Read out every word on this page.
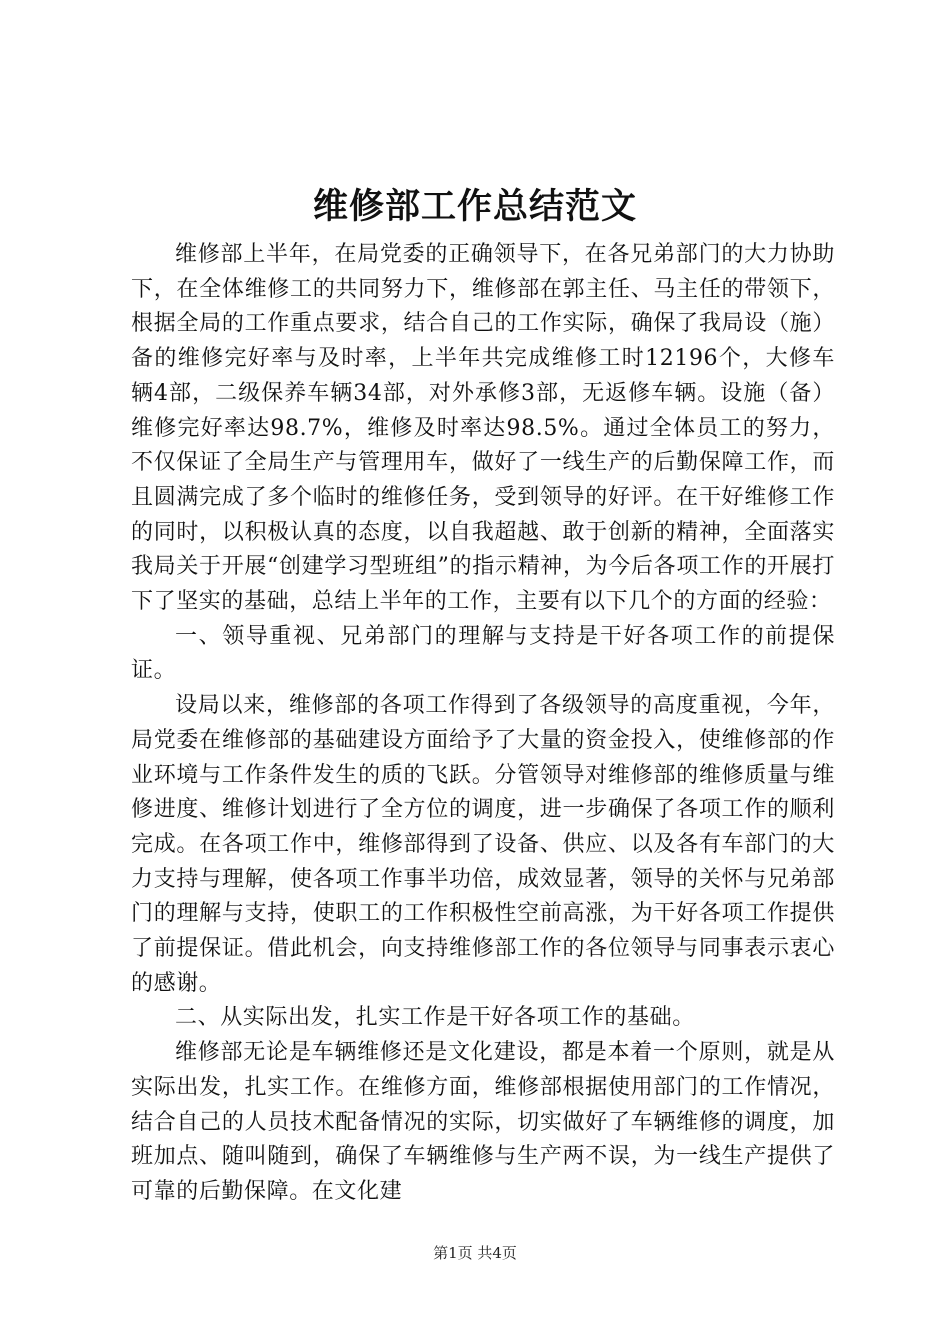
维修部工作总结范文

维修部上半年，在局党委的正确领导下，在各兄弟部门的大力协助下，在全体维修工的共同努力下，维修部在郭主任、马主任的带领下，根据全局的工作重点要求，结合自己的工作实际，确保了我局设（施）备的维修完好率与及时率，上半年共完成维修工时12196个，大修车辆4部，二级保养车辆34部，对外承修3部，无返修车辆。设施（备）维修完好率达98.7%，维修及时率达98.5%。通过全体员工的努力，不仅保证了全局生产与管理用车，做好了一线生产的后勤保障工作，而且圆满完成了多个临时的维修任务，受到领导的好评。在干好维修工作的同时，以积极认真的态度，以自我超越、敢于创新的精神，全面落实我局关于开展“创建学习型班组”的指示精神，为今后各项工作的开展打下了坚实的基础，总结上半年的工作，主要有以下几个的方面的经验：

一、领导重视、兄弟部门的理解与支持是干好各项工作的前提保证。

设局以来，维修部的各项工作得到了各级领导的高度重视，今年，局党委在维修部的基础建设方面给予了大量的资金投入，使维修部的作业环境与工作条件发生的质的飞跃。分管领导对维修部的维修质量与维修进度、维修计划进行了全方位的调度，进一步确保了各项工作的顺利完成。在各项工作中，维修部得到了设备、供应、以及各有车部门的大力支持与理解，使各项工作事半功倍，成效显著，领导的关怀与兄弟部门的理解与支持，使职工的工作积极性空前高涨，为干好各项工作提供了前提保证。借此机会，向支持维修部工作的各位领导与同事表示衷心的感谢。

二、从实际出发，扎实工作是干好各项工作的基础。

维修部无论是车辆维修还是文化建设，都是本着一个原则，就是从实际出发，扎实工作。在维修方面，维修部根据使用部门的工作情况，结合自己的人员技术配备情况的实际，切实做好了车辆维修的调度，加班加点、随叫随到，确保了车辆维修与生产两不误，为一线生产提供了可靠的后勤保障。在文化建

第1页 共4页
